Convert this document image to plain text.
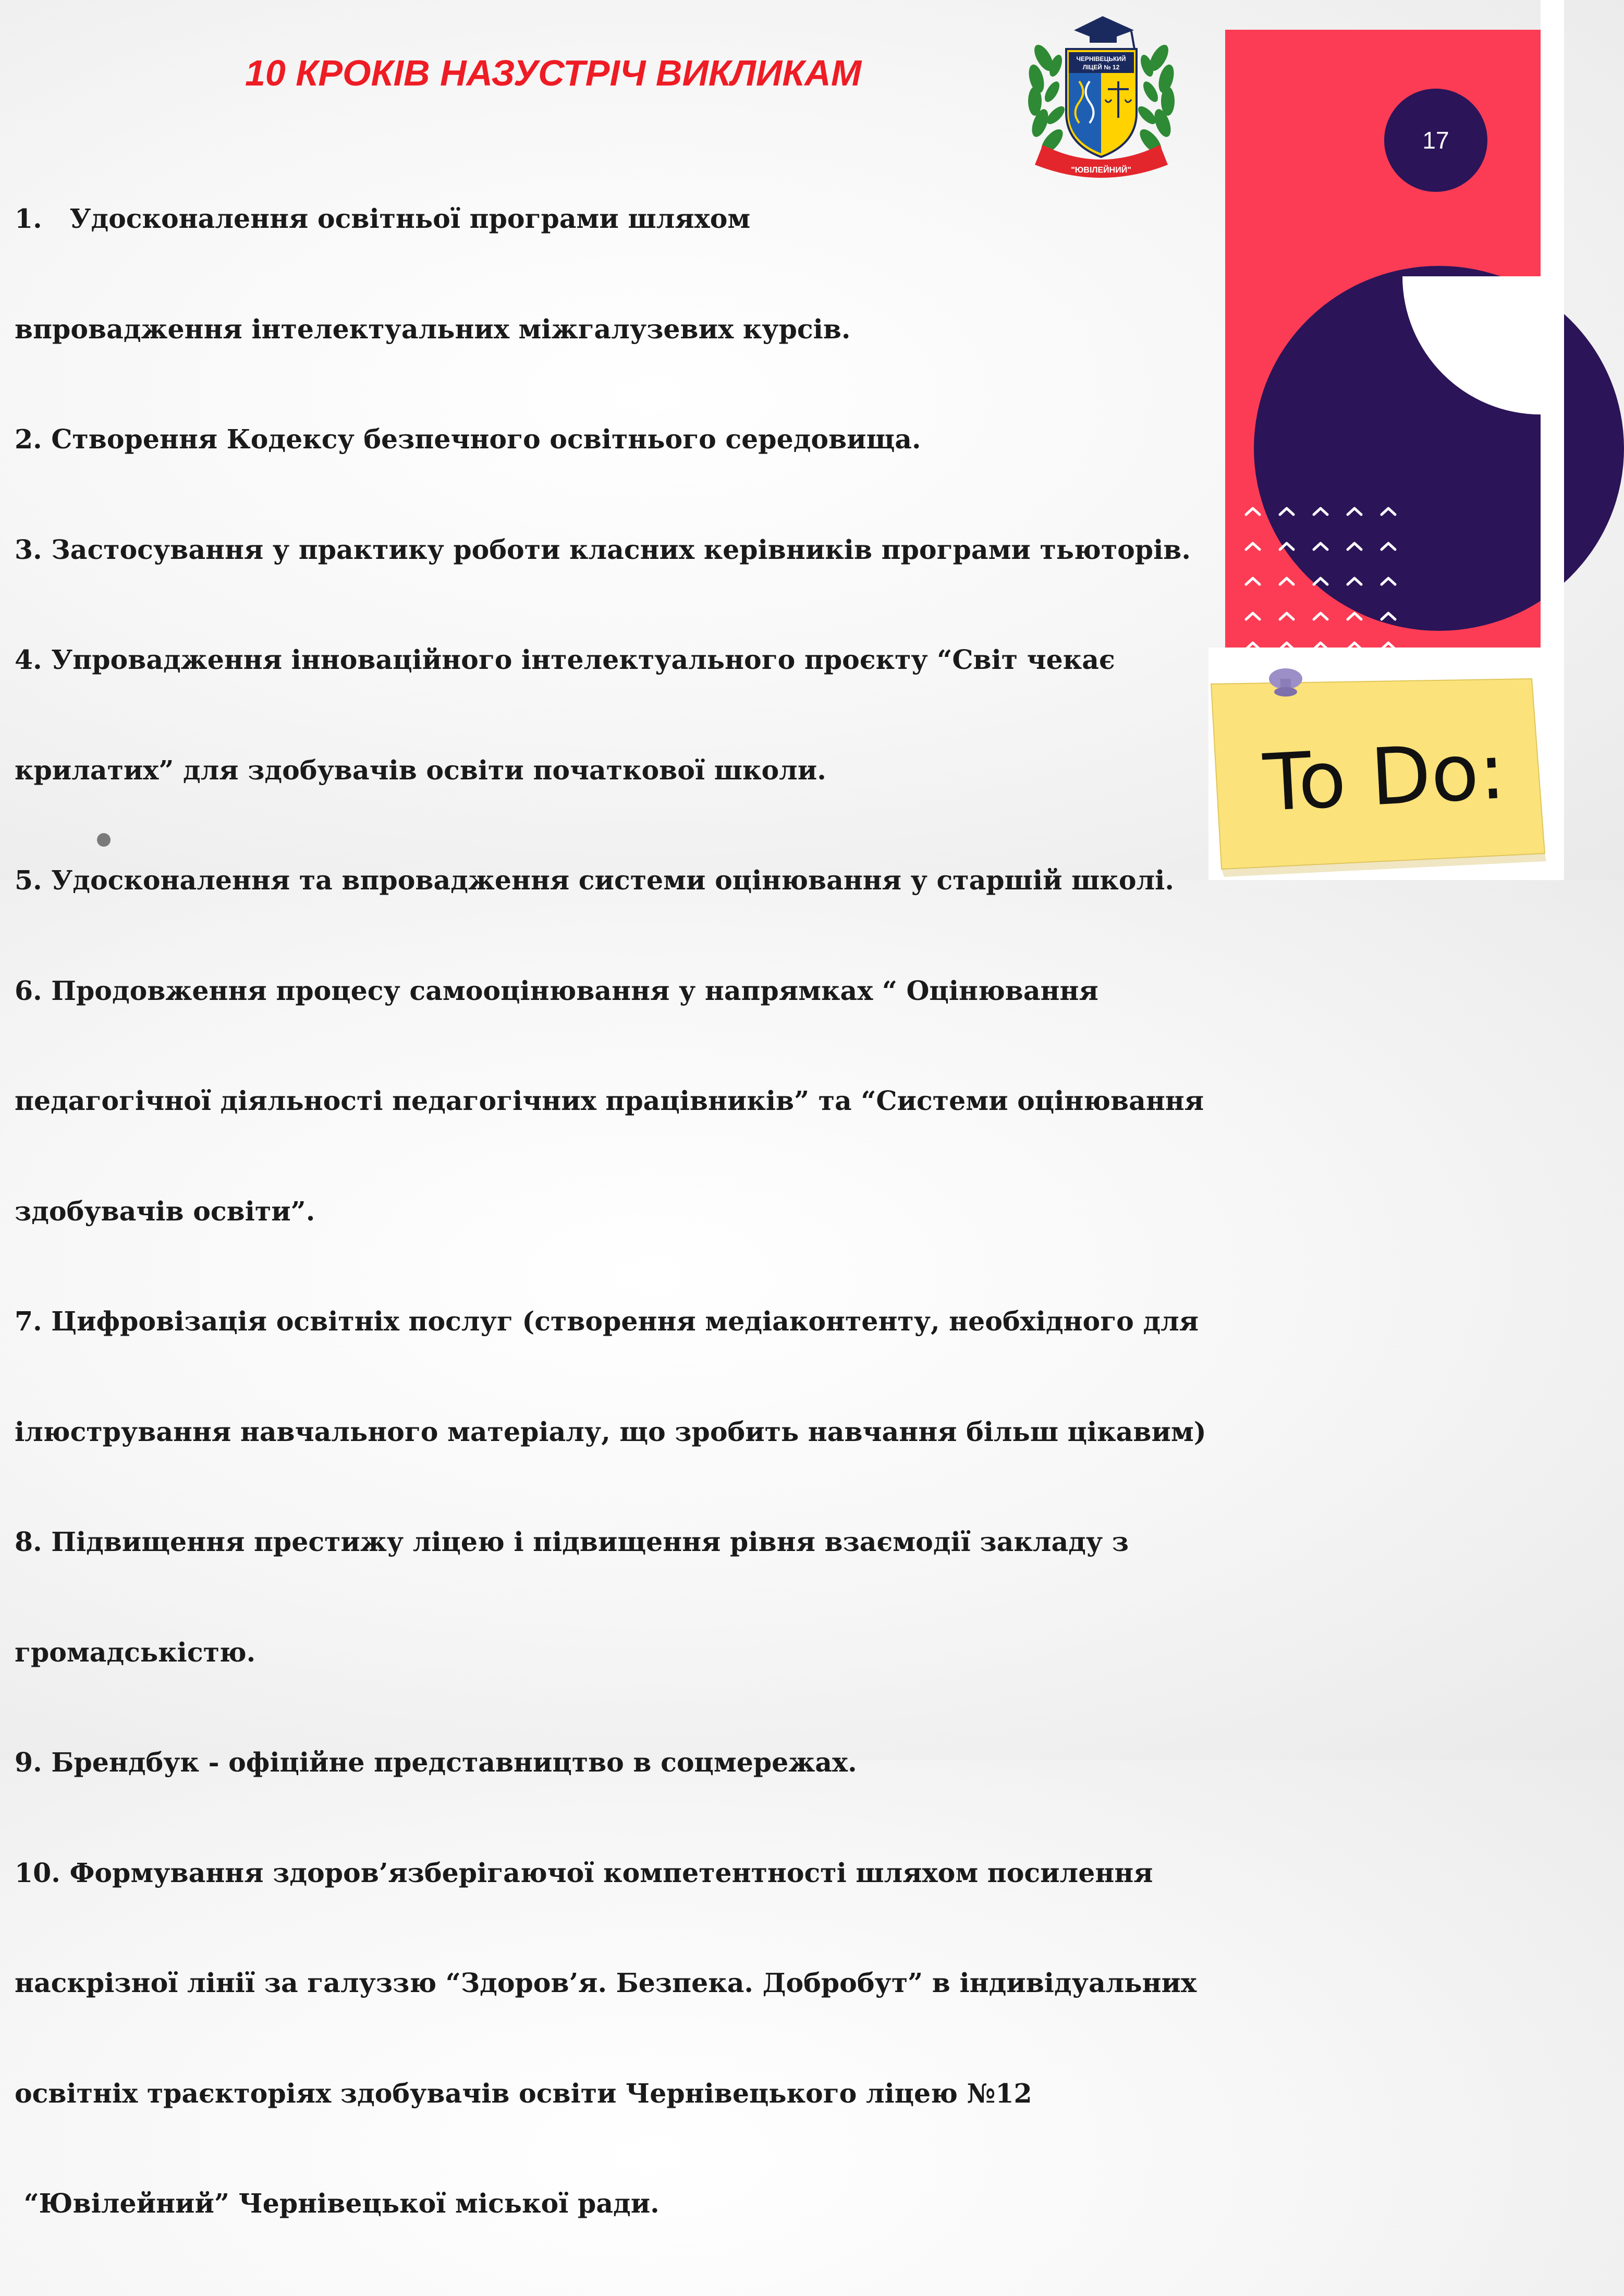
10 КРОКІВ НАЗУСТРІЧ ВИКЛИКАМ

1.   Удосконалення освітньої програми шляхом

впровадження інтелектуальних міжгалузевих курсів.

2. Створення Кодексу безпечного освітнього середовища.

3. Застосування у практику роботи класних керівників програми тьюторів.

4. Упровадження інноваційного інтелектуального проєкту “Світ чекає

крилатих” для здобувачів освіти початкової школи.

5. Удосконалення та впровадження системи оцінювання у старшій школі.

6. Продовження процесу самооцінювання у напрямках “ Оцінювання

педагогічної діяльності педагогічних працівників” та “Системи оцінювання

здобувачів освіти”.

7. Цифровізація освітніх послуг (створення медіаконтенту, необхідного для

ілюстрування навчального матеріалу, що зробить навчання більш цікавим)

8. Підвищення престижу ліцею і підвищення рівня взаємодії закладу з

громадськістю.

9. Брендбук - офіційне представництво в соцмережах.

10. Формування здоров’язберігаючої компетентності шляхом посилення

наскрізної лінії за галуззю “Здоров’я. Безпека. Добробут” в індивідуальних

освітніх траєкторіях здобувачів освіти Чернівецького ліцею №12

“Ювілейний” Чернівецької міської ради.

ЧЕРНІВЕЦЬКИЙ
ЛІЦЕЙ № 12
"ЮВІЛЕЙНИЙ"
17
To Do:
